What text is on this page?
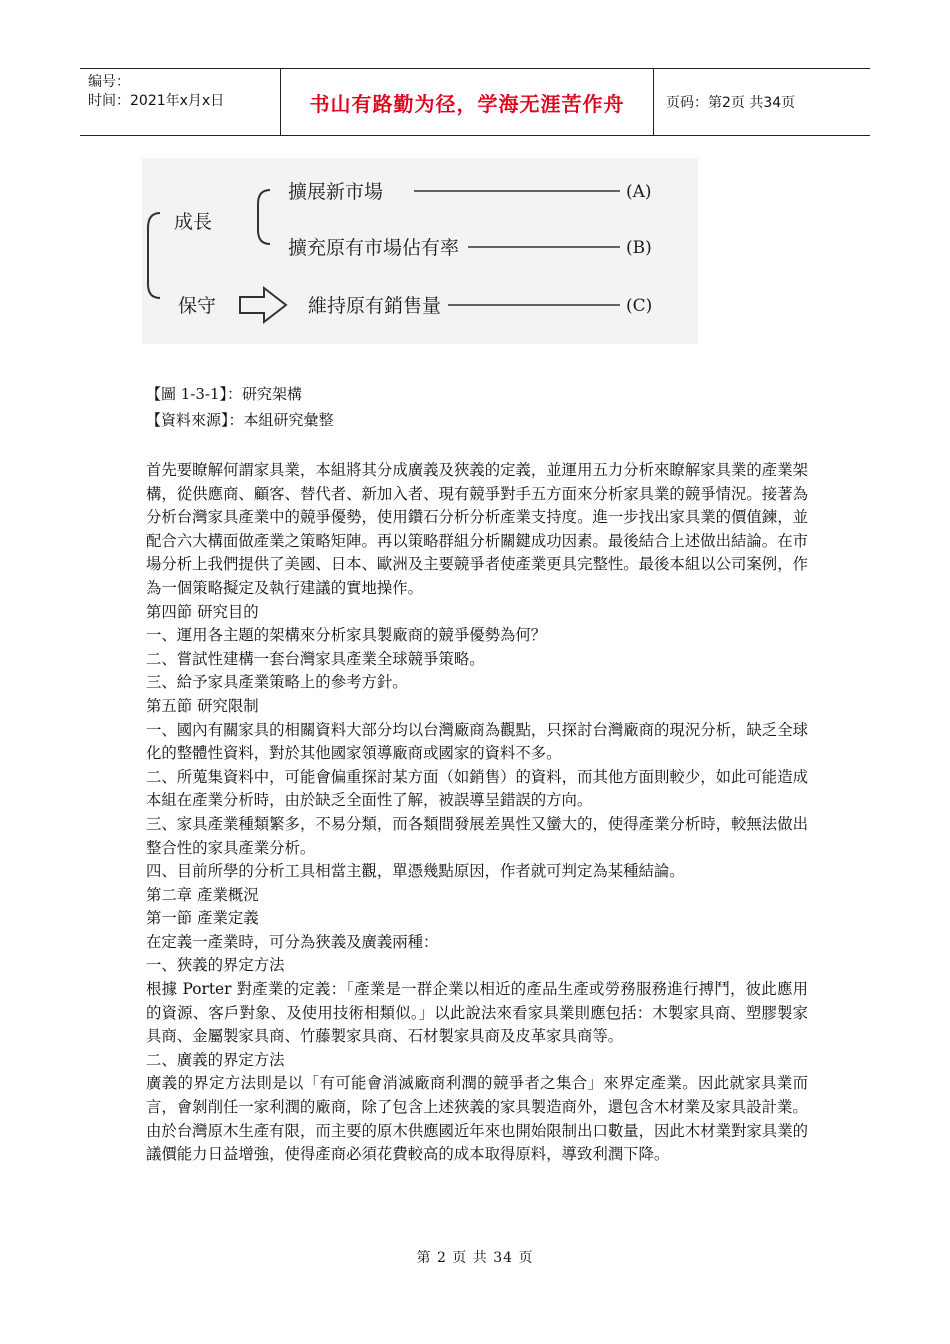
编号：
时间：2021年x月x日	书山有路勤为径，学海无涯苦作舟	页码：第2页 共34页
成長
保守
擴展新市場	(A)
擴充原有市場佔有率	(B)
維持原有銷售量	(C)
【圖 1-3-1】：研究架構
【資料來源】：本組研究彙整

首先要瞭解何謂家具業，本組將其分成廣義及狹義的定義，並運用五力分析來瞭解家具業的產業架構，從供應商、顧客、替代者、新加入者、現有競爭對手五方面來分析家具業的競爭情況。接著為分析台灣家具產業中的競爭優勢，使用鑽石分析分析產業支持度。進一步找出家具業的價值鍊，並配合六大構面做產業之策略矩陣。再以策略群組分析關鍵成功因素。最後結合上述做出結論。在市場分析上我們提供了美國、日本、歐洲及主要競爭者使產業更具完整性。最後本組以公司案例，作為一個策略擬定及執行建議的實地操作。

第四節 研究目的

一、運用各主題的架構來分析家具製廠商的競爭優勢為何？

二、嘗試性建構一套台灣家具產業全球競爭策略。

三、給予家具產業策略上的參考方針。

第五節 研究限制

一、國內有關家具的相關資料大部分均以台灣廠商為觀點，只探討台灣廠商的現況分析，缺乏全球化的整體性資料，對於其他國家領導廠商或國家的資料不多。

二、所蒐集資料中，可能會偏重探討某方面（如銷售）的資料，而其他方面則較少，如此可能造成本組在產業分析時，由於缺乏全面性了解，被誤導呈錯誤的方向。

三、家具產業種類繁多，不易分類，而各類間發展差異性又蠻大的，使得產業分析時，較無法做出整合性的家具產業分析。

四、目前所學的分析工具相當主觀，單憑幾點原因，作者就可判定為某種結論。

第二章 產業概況

第一節 產業定義

在定義一產業時，可分為狹義及廣義兩種：

一、狹義的界定方法

根據 Porter 對產業的定義：「產業是一群企業以相近的產品生產或勞務服務進行搏鬥，彼此應用的資源、客戶對象、及使用技術相類似。」以此說法來看家具業則應包括：木製家具商、塑膠製家具商、金屬製家具商、竹藤製家具商、石材製家具商及皮革家具商等。

二、廣義的界定方法

廣義的界定方法則是以「有可能會消滅廠商利潤的競爭者之集合」來界定產業。因此就家具業而言，會剝削任一家利潤的廠商，除了包含上述狹義的家具製造商外，還包含木材業及家具設計業。

由於台灣原木生產有限，而主要的原木供應國近年來也開始限制出口數量，因此木材業對家具業的議價能力日益增強，使得產商必須花費較高的成本取得原料，導致利潤下降。

第 2 页 共 34 页
